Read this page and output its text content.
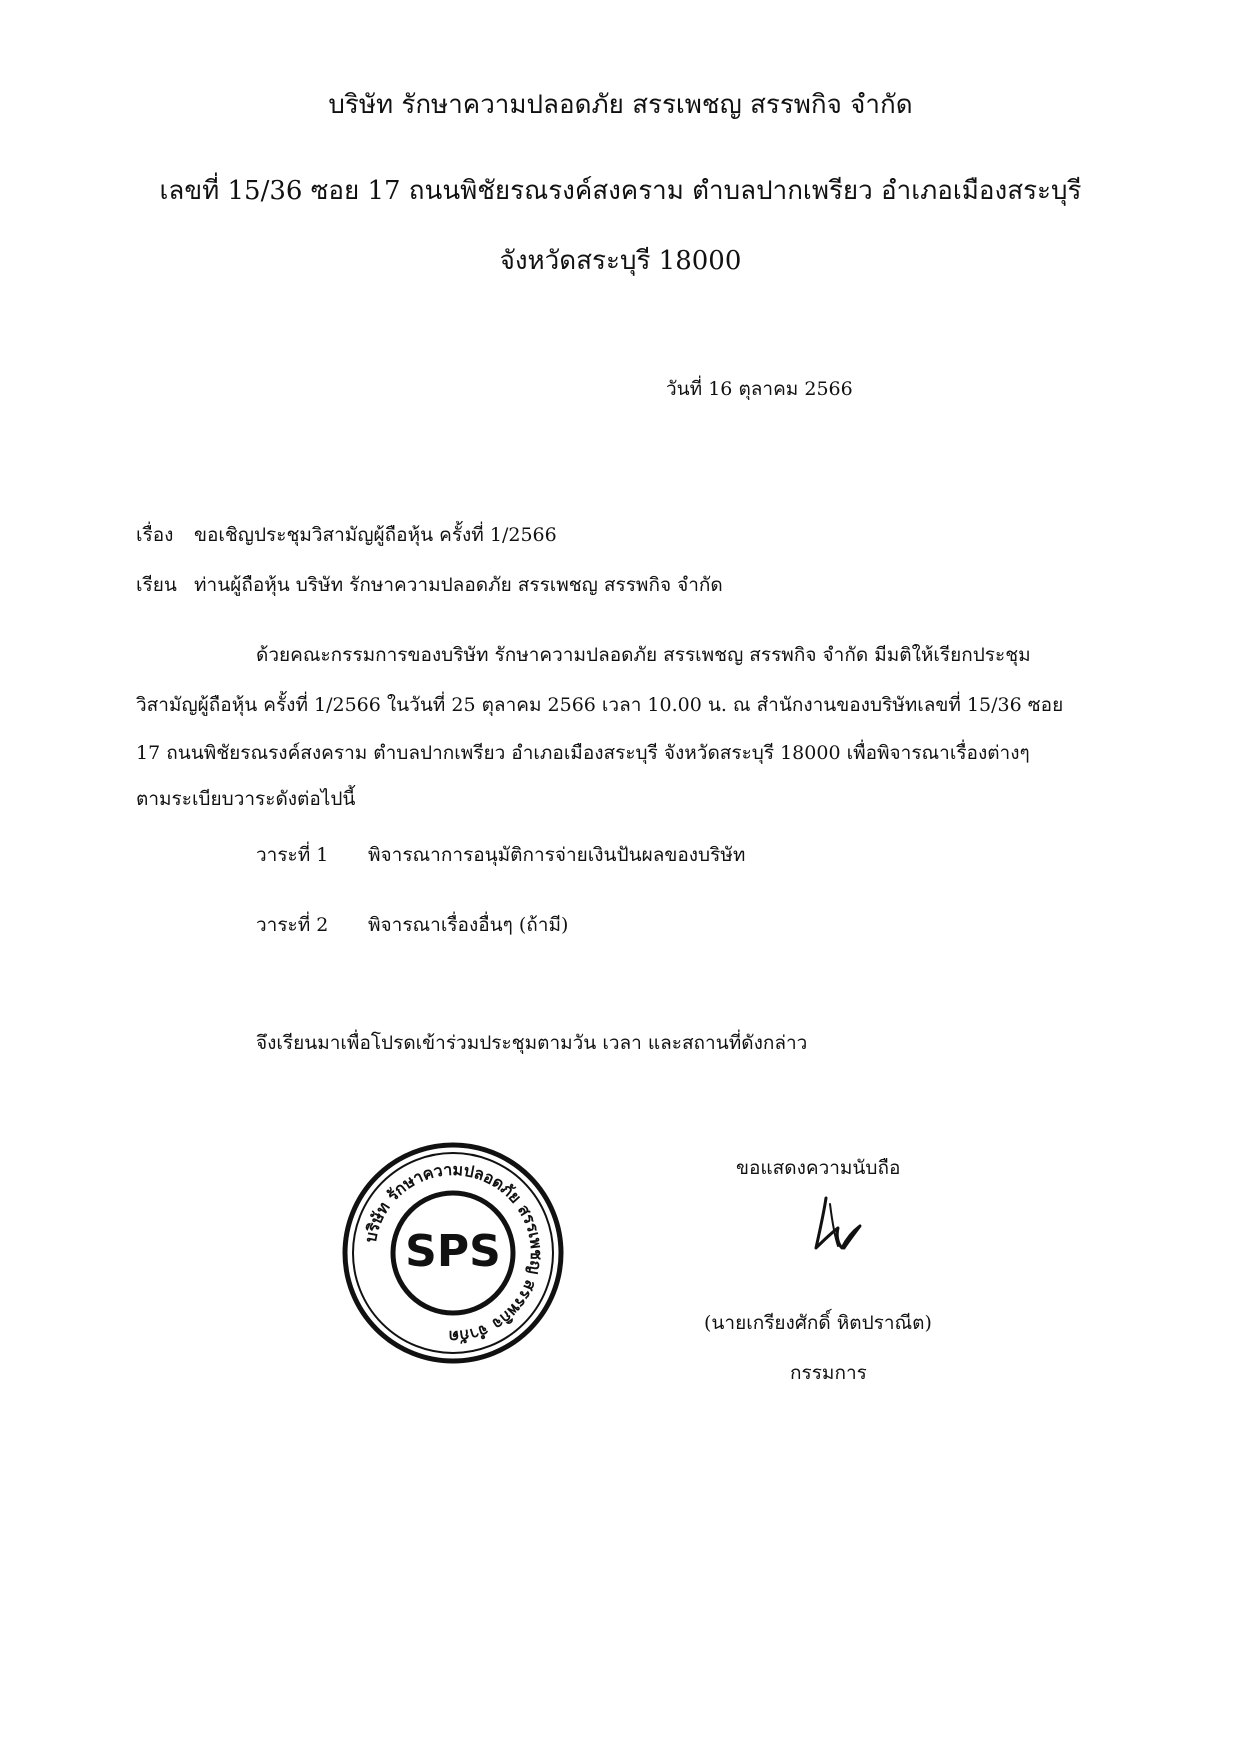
บริษัท รักษาความปลอดภัย สรรเพชญ สรรพกิจ จำกัด
เลขที่ 15/36 ซอย 17 ถนนพิชัยรณรงค์สงคราม ตำบลปากเพรียว อำเภอเมืองสระบุรี
จังหวัดสระบุรี 18000
วันที่ 16 ตุลาคม 2566
เรื่อง ขอเชิญประชุมวิสามัญผู้ถือหุ้น ครั้งที่ 1/2566
เรียน ท่านผู้ถือหุ้น บริษัท รักษาความปลอดภัย สรรเพชญ สรรพกิจ จำกัด
ด้วยคณะกรรมการของบริษัท รักษาความปลอดภัย สรรเพชญ สรรพกิจ จำกัด มีมติให้เรียกประชุม
วิสามัญผู้ถือหุ้น ครั้งที่ 1/2566 ในวันที่ 25 ตุลาคม 2566 เวลา 10.00 น. ณ สำนักงานของบริษัทเลขที่ 15/36 ซอย
17 ถนนพิชัยรณรงค์สงคราม ตำบลปากเพรียว อำเภอเมืองสระบุรี จังหวัดสระบุรี 18000 เพื่อพิจารณาเรื่องต่างๆ
ตามระเบียบวาระดังต่อไปนี้
วาระที่ 1 พิจารณาการอนุมัติการจ่ายเงินปันผลของบริษัท
วาระที่ 2 พิจารณาเรื่องอื่นๆ (ถ้ามี)
จึงเรียนมาเพื่อโปรดเข้าร่วมประชุมตามวัน เวลา และสถานที่ดังกล่าว
ขอแสดงความนับถือ
(นายเกรียงศักดิ์ หิตปราณีต)
กรรมการ
บริษัท รักษาความปลอดภัย สรรเพชญ สรรพกิจ จำกัด
SPS
